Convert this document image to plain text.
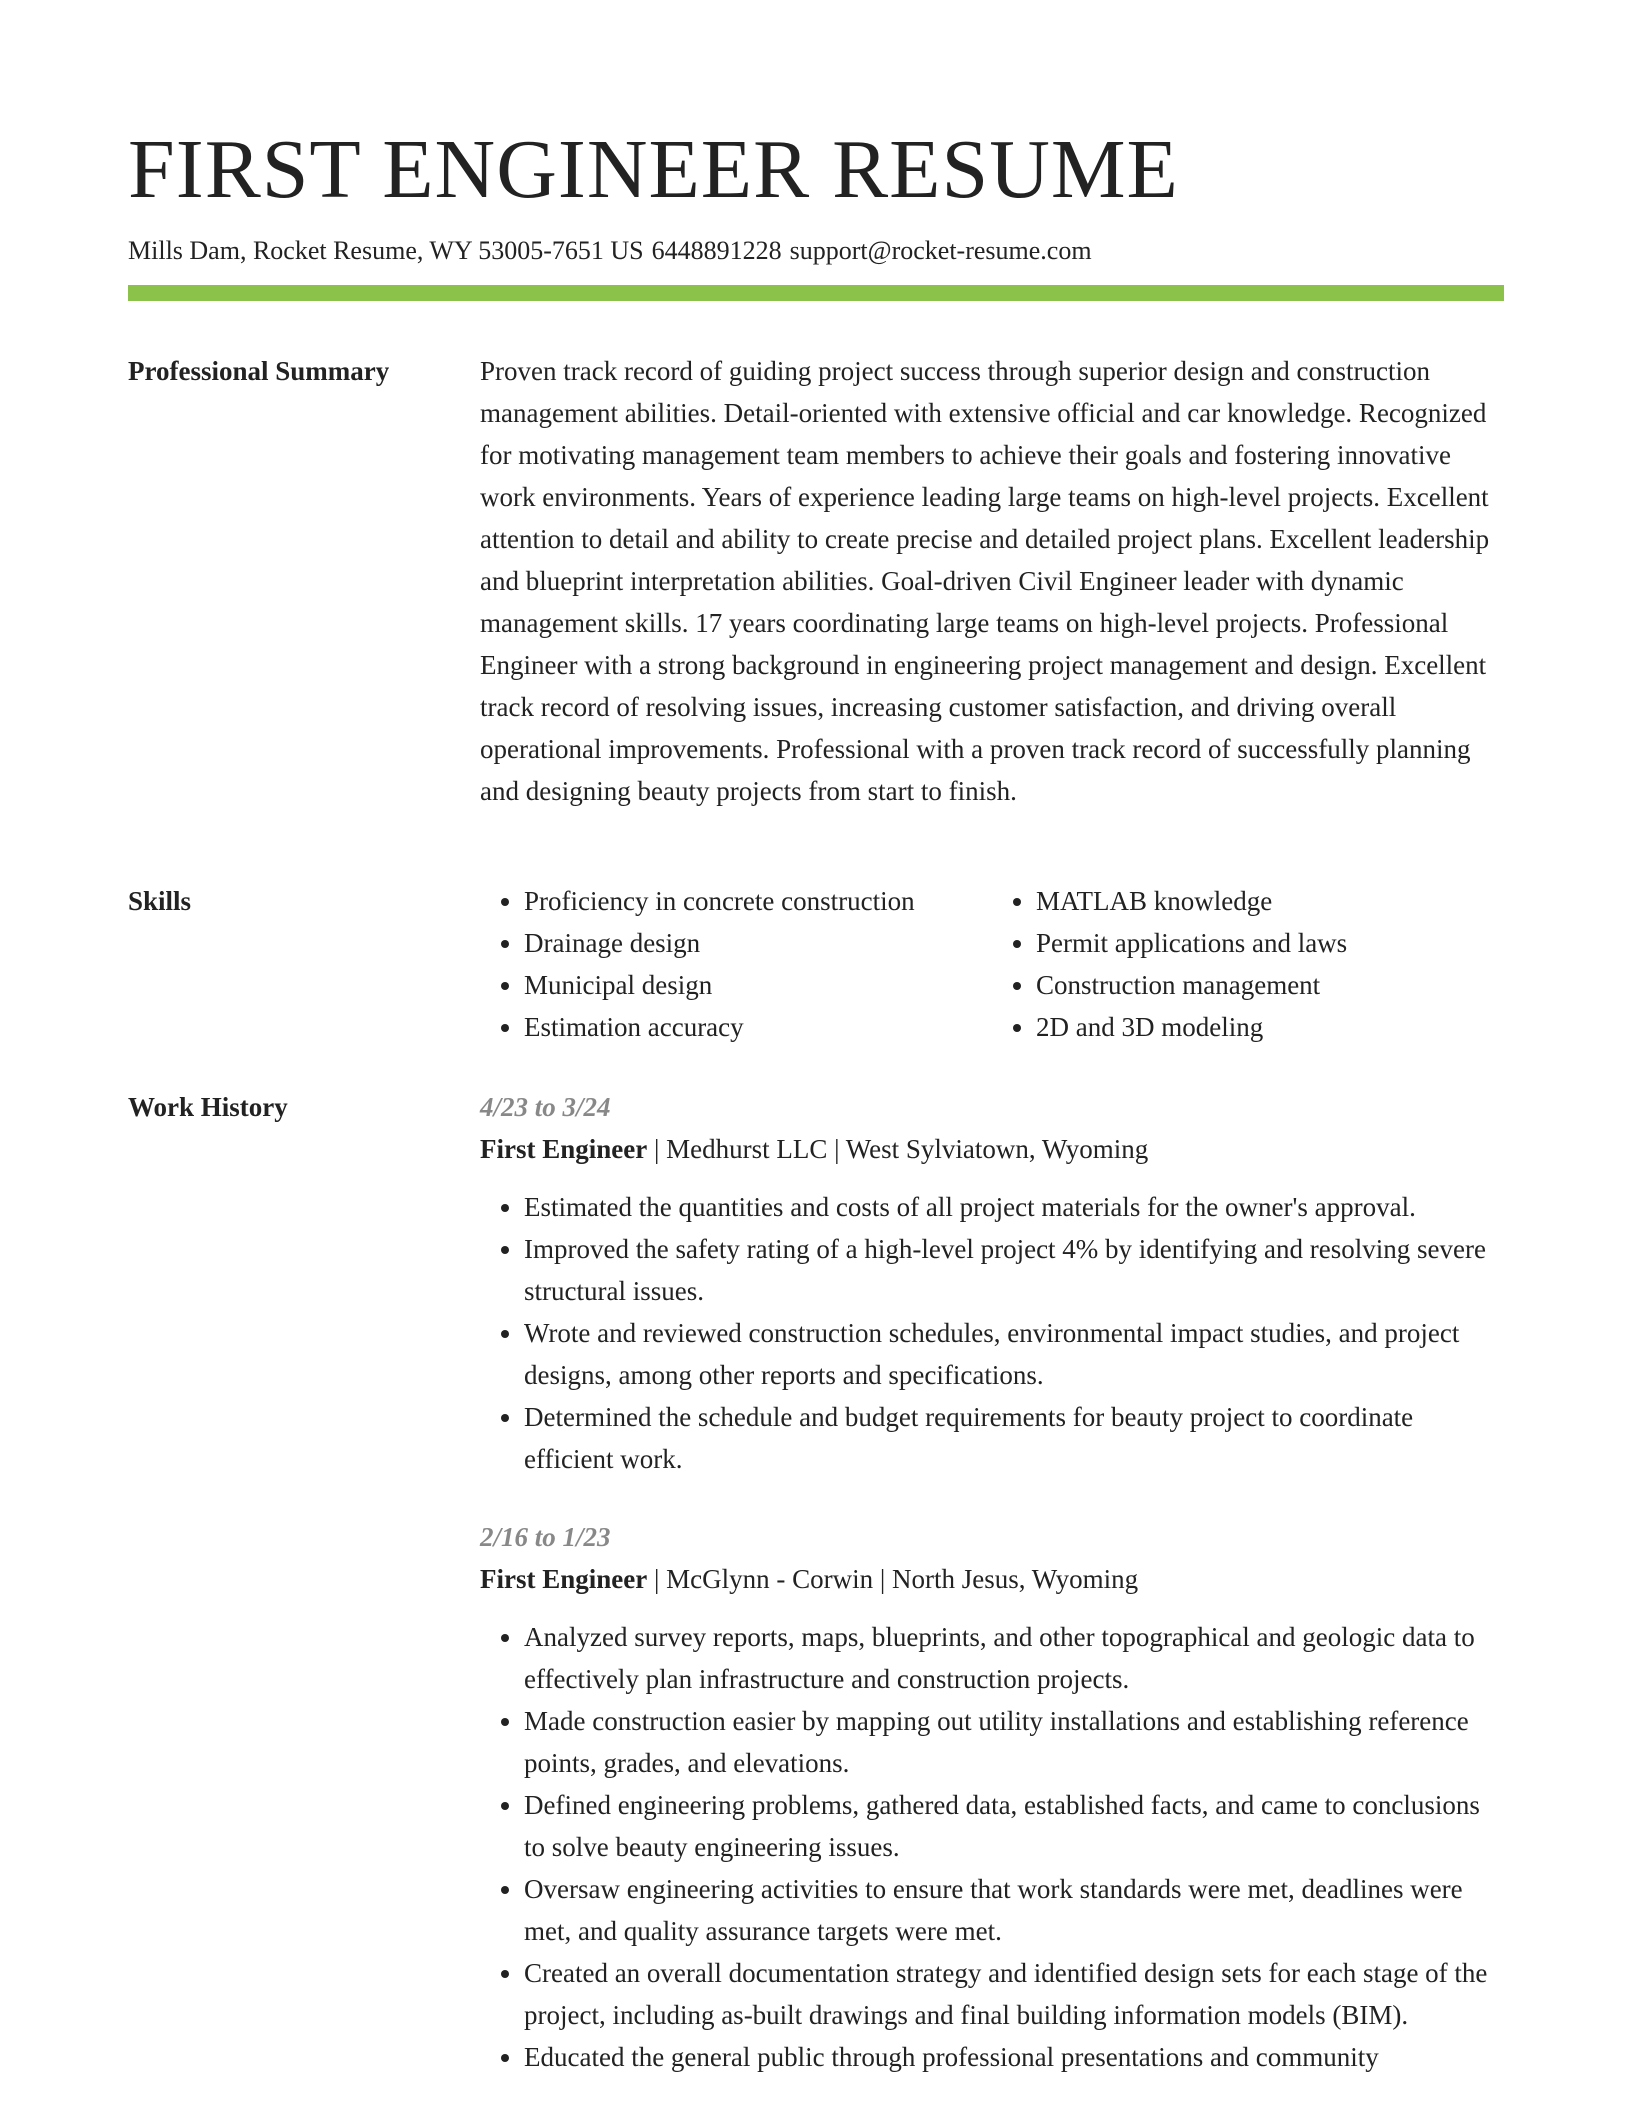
FIRST ENGINEER RESUME
Mills Dam, Rocket Resume, WY 53005-7651 US 6448891228 support@rocket-resume.com
Professional Summary	Proven track record of guiding project success through superior design and construction management abilities. Detail-oriented with extensive official and car knowledge. Recognized for motivating management team members to achieve their goals and fostering innovative work environments. Years of experience leading large teams on high-level projects. Excellent attention to detail and ability to create precise and detailed project plans. Excellent leadership and blueprint interpretation abilities. Goal-driven Civil Engineer leader with dynamic management skills. 17 years coordinating large teams on high-level projects. Professional Engineer with a strong background in engineering project management and design. Excellent track record of resolving issues, increasing customer satisfaction, and driving overall operational improvements. Professional with a proven track record of successfully planning and designing beauty projects from start to finish.

Skills
•	Proficiency in concrete construction
• Drainage design
• Municipal design
• Estimation accuracy
• MATLAB knowledge
• Permit applications and laws
• Construction management
• 2D and 3D modeling
Work History	4/23 to 3/24
First Engineer | Medhurst LLC | West Sylviatown, Wyoming
• Estimated the quantities and costs of all project materials for the owner's approval.
• Improved the safety rating of a high-level project 4% by identifying and resolving severe structural issues.
• Wrote and reviewed construction schedules, environmental impact studies, and project designs, among other reports and specifications.
• Determined the schedule and budget requirements for beauty project to coordinate efficient work.
2/16 to 1/23
First Engineer | McGlynn - Corwin | North Jesus, Wyoming
• Analyzed survey reports, maps, blueprints, and other topographical and geologic data to effectively plan infrastructure and construction projects.
• Made construction easier by mapping out utility installations and establishing reference points, grades, and elevations.
• Defined engineering problems, gathered data, established facts, and came to conclusions to solve beauty engineering issues.
• Oversaw engineering activities to ensure that work standards were met, deadlines were met, and quality assurance targets were met.
• Created an overall documentation strategy and identified design sets for each stage of the project, including as-built drawings and final building information models (BIM).
• Educated the general public through professional presentations and community
